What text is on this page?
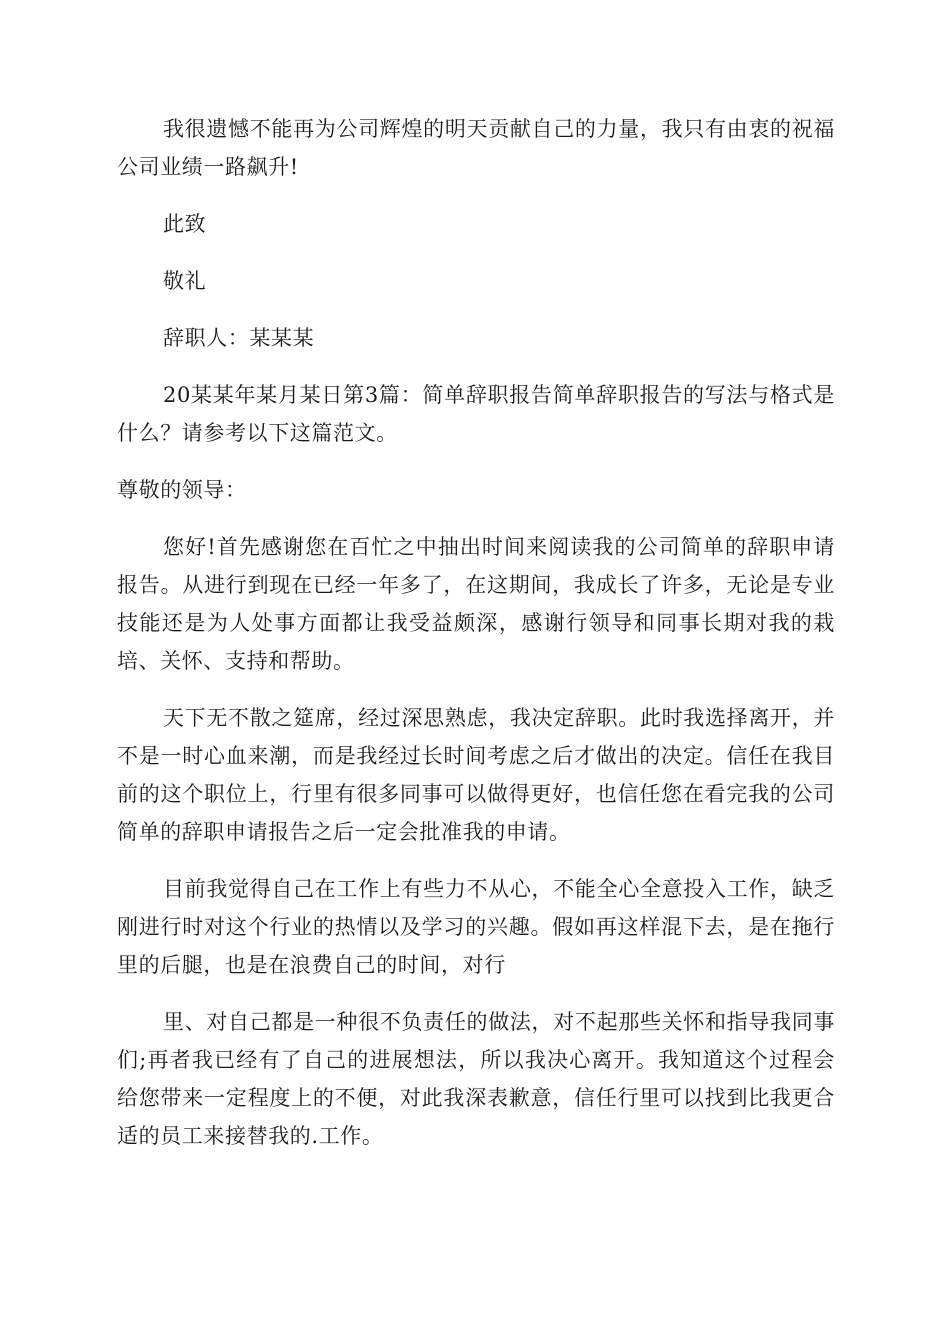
我很遗憾不能再为公司辉煌的明天贡献自己的力量，我只有由衷的祝福公司业绩一路飙升!

此致

敬礼

辞职人：某某某

20某某年某月某日第3篇：简单辞职报告简单辞职报告的写法与格式是什么？请参考以下这篇范文。

尊敬的领导：

您好!首先感谢您在百忙之中抽出时间来阅读我的公司简单的辞职申请报告。从进行到现在已经一年多了，在这期间，我成长了许多，无论是专业技能还是为人处事方面都让我受益颇深，感谢行领导和同事长期对我的栽培、关怀、支持和帮助。

天下无不散之筵席，经过深思熟虑，我决定辞职。此时我选择离开，并不是一时心血来潮，而是我经过长时间考虑之后才做出的决定。信任在我目前的这个职位上，行里有很多同事可以做得更好，也信任您在看完我的公司简单的辞职申请报告之后一定会批准我的申请。

目前我觉得自己在工作上有些力不从心，不能全心全意投入工作，缺乏刚进行时对这个行业的热情以及学习的兴趣。假如再这样混下去，是在拖行里的后腿，也是在浪费自己的时间，对行

里、对自己都是一种很不负责任的做法，对不起那些关怀和指导我同事们;再者我已经有了自己的进展想法，所以我决心离开。我知道这个过程会给您带来一定程度上的不便，对此我深表歉意，信任行里可以找到比我更合适的员工来接替我的.工作。
